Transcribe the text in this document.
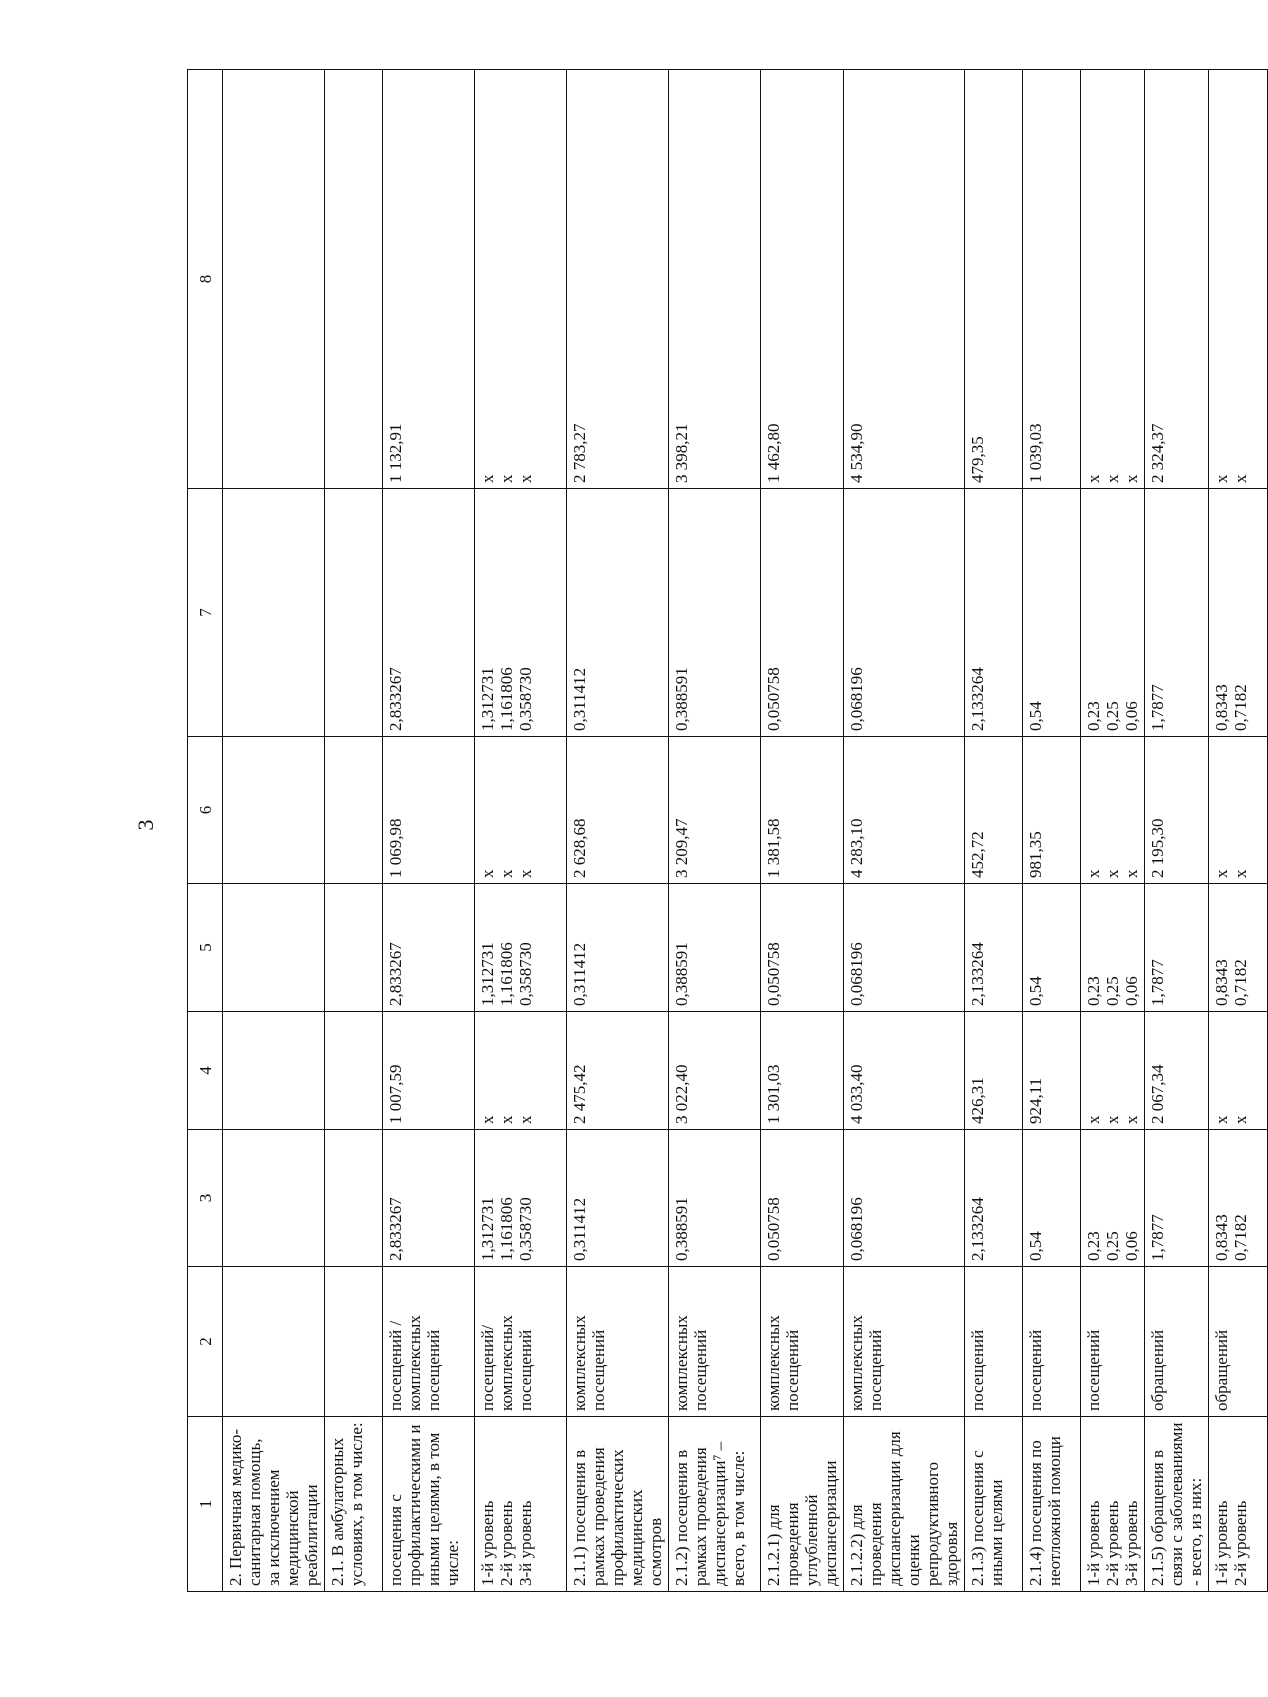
3
1	2	3	4	5	6	7	8
2. Первичная медико-санитарная помощь, за исключением медицинской реабилитации		

2.1. В амбулаторных условиях, в том числе:		

посещения с профилактическими и иными целями, в том числе:	посещений / комплексных посещений	2,833267	1 007,59	2,833267	1 069,98	2,833267	1 132,91

1-й уровень
2-й уровень
3-й уровень	посещений/ комплексных посещений	1,312731 1,161806 0,358730	х х х	1,312731 1,161806 0,358730	х х х	1,312731 1,161806 0,358730	х х х

2.1.1) посещения в рамках проведения профилактических медицинских осмотров	комплексных посещений	0,311412	2 475,42	0,311412	2 628,68	0,311412	2 783,27

2.1.2) посещения в рамках проведения диспансеризации⁷ – всего, в том числе:	комплексных посещений	0,388591	3 022,40	0,388591	3 209,47	0,388591	3 398,21

2.1.2.1) для проведения углубленной диспансеризации	комплексных посещений	0,050758	1 301,03	0,050758	1 381,58	0,050758	1 462,80

2.1.2.2) для проведения диспансеризации для оценки репродуктивного здоровья	комплексных посещений	0,068196	4 033,40	0,068196	4 283,10	0,068196	4 534,90

2.1.3) посещения с иными целями	посещений	2,133264	426,31	2,133264	452,72	2,133264	479,35

2.1.4) посещения по неотложной помощи	посещений	0,54	924,11	0,54	981,35	0,54	1 039,03

1-й уровень
2-й уровень
3-й уровень	посещений	0,23 0,25 0,06	х х х	0,23 0,25 0,06	х х х	0,23 0,25 0,06	х х х

2.1.5) обращения в связи с заболеваниями - всего, из них:	обращений	1,7877	2 067,34	1,7877	2 195,30	1,7877	2 324,37

1-й уровень
2-й уровень	обращений	0,8343 0,7182	х х	0,8343 0,7182	х х	0,8343 0,7182	х х
